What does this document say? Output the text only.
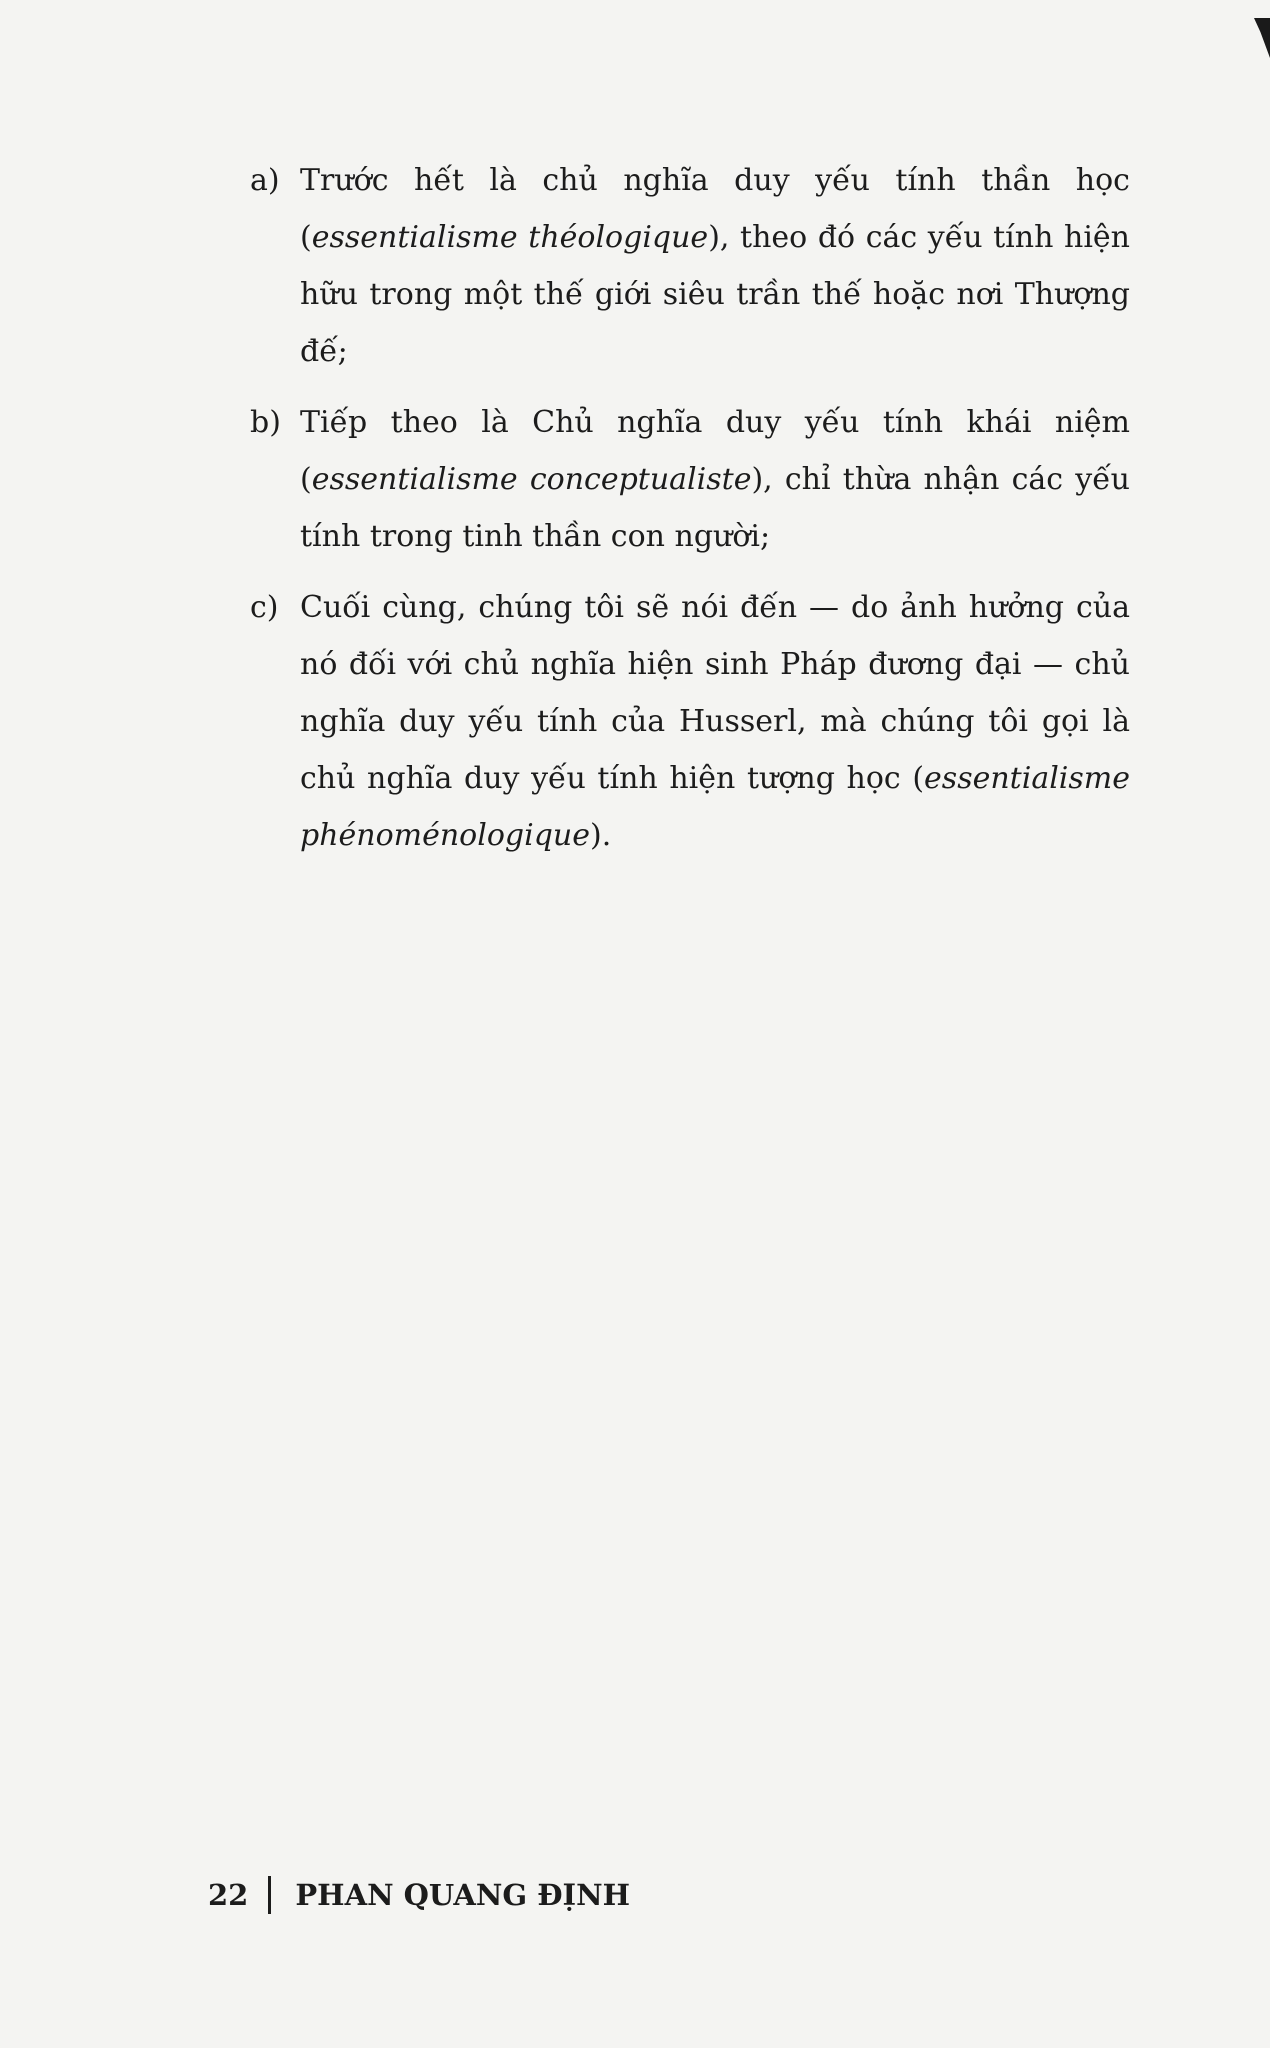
a) Trước hết là chủ nghĩa duy yếu tính thần học (essentialisme théologique), theo đó các yếu tính hiện hữu trong một thế giới siêu trần thế hoặc nơi Thượng đế;
b) Tiếp theo là Chủ nghĩa duy yếu tính khái niệm (essentialisme conceptualiste), chỉ thừa nhận các yếu tính trong tinh thần con người;
c) Cuối cùng, chúng tôi sẽ nói đến — do ảnh hưởng của nó đối với chủ nghĩa hiện sinh Pháp đương đại — chủ nghĩa duy yếu tính của Husserl, mà chúng tôi gọi là chủ nghĩa duy yếu tính hiện tượng học (essentialisme phénoménologique).
22 PHAN QUANG ĐỊNH
